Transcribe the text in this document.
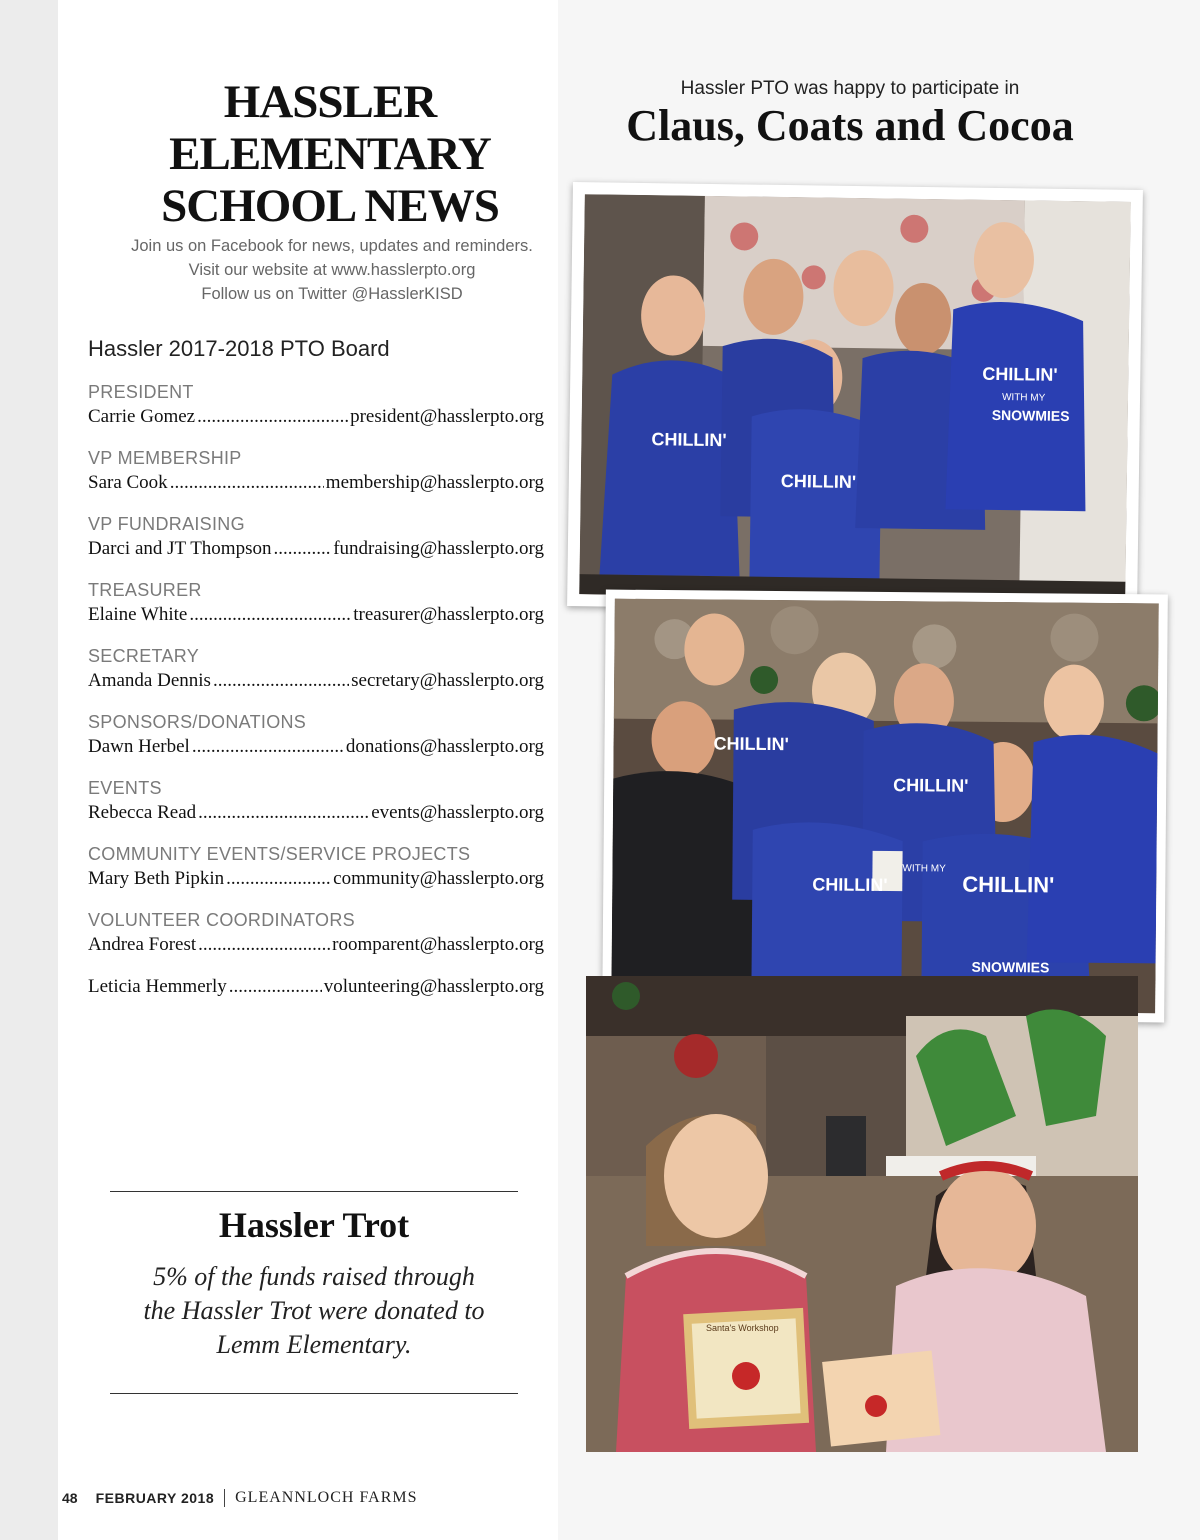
HASSLER
ELEMENTARY
SCHOOL NEWS
Join us on Facebook for news, updates and reminders.
Visit our website at www.hasslerpto.org
Follow us on Twitter @HasslerKISD
Hassler 2017-2018 PTO Board
PRESIDENT
Carrie Gomez .....	president@hasslerpto.org
VP MEMBERSHIP
Sara Cook .....	membership@hasslerpto.org
VP FUNDRAISING
Darci and JT Thompson .....	fundraising@hasslerpto.org
TREASURER
Elaine White .....	treasurer@hasslerpto.org
SECRETARY
Amanda Dennis .....	secretary@hasslerpto.org
SPONSORS/DONATIONS
Dawn Herbel .....	donations@hasslerpto.org
EVENTS
Rebecca Read .....	events@hasslerpto.org
COMMUNITY EVENTS/SERVICE PROJECTS
Mary Beth Pipkin .....	community@hasslerpto.org
VOLUNTEER COORDINATORS
Andrea Forest .....	roomparent@hasslerpto.org
Leticia Hemmerly .....	volunteering@hasslerpto.org
Hassler Trot
5% of the funds raised through
the Hassler Trot were donated to
Lemm Elementary.
48 FEBRUARY 2018 GLEANNLOCH FARMS
Hassler PTO was happy to participate in
Claus, Coats and Cocoa
CHILLIN'
CHILLIN'
CHILLIN'
WITH MY
SNOWMIES
CHILLIN'
CHILLIN'
CHILLIN'	CHILLIN'
WITH MY
SNOWMIES
Santa's Workshop
